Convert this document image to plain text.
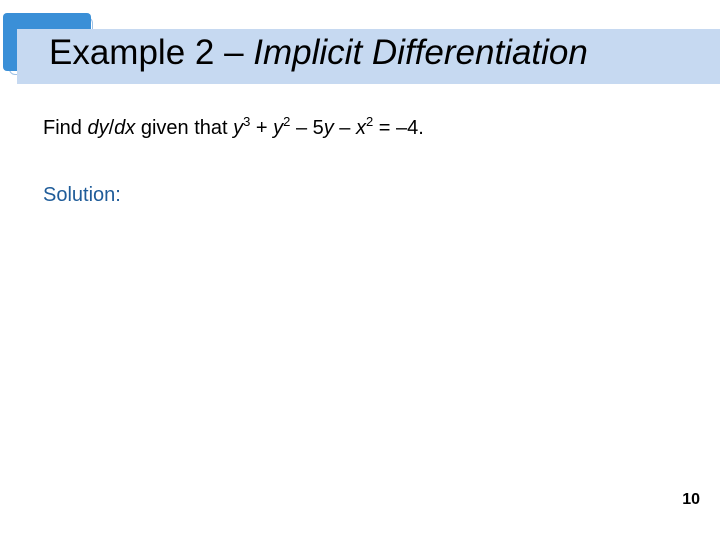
Example 2 – Implicit Differentiation

Find dy/dx given that $y^3 + y^2 - 5y - x^2 = -4$.

Solution:

10
